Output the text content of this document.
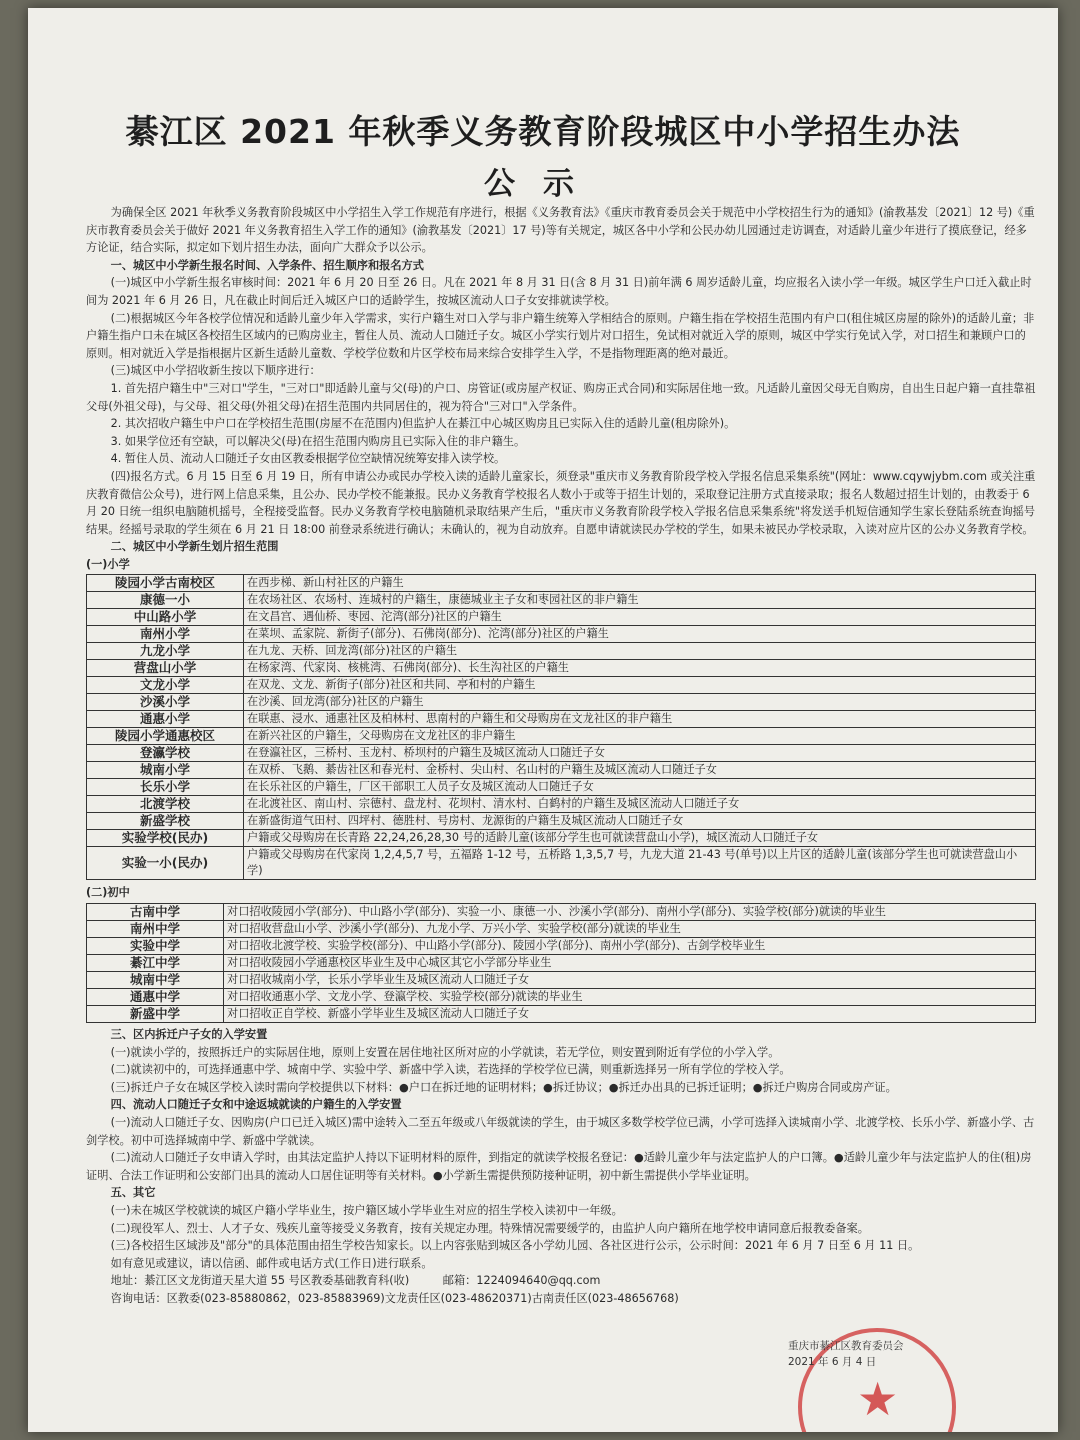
綦江区 2021 年秋季义务教育阶段城区中小学招生办法
公示

为确保全区 2021 年秋季义务教育阶段城区中小学招生入学工作规范有序进行，根据《义务教育法》《重庆市教育委员会关于规范中小学校招生行为的通知》(渝教基发〔2021〕12 号)《重庆市教育委员会关于做好 2021 年义务教育招生入学工作的通知》(渝教基发〔2021〕17 号)等有关规定，城区各中小学和公民办幼儿园通过走访调查，对适龄儿童少年进行了摸底登记，经多方论证，结合实际，拟定如下划片招生办法，面向广大群众予以公示。

一、城区中小学新生报名时间、入学条件、招生顺序和报名方式

(一)城区中小学新生报名审核时间：2021 年 6 月 20 日至 26 日。凡在 2021 年 8 月 31 日(含 8 月 31 日)前年满 6 周岁适龄儿童，均应报名入读小学一年级。城区学生户口迁入截止时间为 2021 年 6 月 26 日，凡在截止时间后迁入城区户口的适龄学生，按城区流动人口子女安排就读学校。

(二)根据城区今年各校学位情况和适龄儿童少年入学需求，实行户籍生对口入学与非户籍生统筹入学相结合的原则。户籍生指在学校招生范围内有户口(租住城区房屋的除外)的适龄儿童；非户籍生指户口未在城区各校招生区域内的已购房业主，暂住人员、流动人口随迁子女。城区小学实行划片对口招生，免试相对就近入学的原则，城区中学实行免试入学，对口招生和兼顾户口的原则。相对就近入学是指根据片区新生适龄儿童数、学校学位数和片区学校布局来综合安排学生入学，不是指物理距离的绝对最近。

(三)城区中小学招收新生按以下顺序进行：

1. 首先招户籍生中"三对口"学生，"三对口"即适龄儿童与父(母)的户口、房管证(或房屋产权证、购房正式合同)和实际居住地一致。凡适龄儿童因父母无自购房，自出生日起户籍一直挂靠祖父母(外祖父母)，与父母、祖父母(外祖父母)在招生范围内共同居住的，视为符合"三对口"入学条件。

2. 其次招收户籍生中户口在学校招生范围(房屋不在范围内)但监护人在綦江中心城区购房且已实际入住的适龄儿童(租房除外)。

3. 如果学位还有空缺，可以解决父(母)在招生范围内购房且已实际入住的非户籍生。

4. 暂住人员、流动人口随迁子女由区教委根据学位空缺情况统筹安排入读学校。

(四)报名方式。6 月 15 日至 6 月 19 日，所有申请公办或民办学校入读的适龄儿童家长，须登录"重庆市义务教育阶段学校入学报名信息采集系统"(网址：www.cqywjybm.com 或关注重庆教育微信公众号)，进行网上信息采集，且公办、民办学校不能兼报。民办义务教育学校报名人数小于或等于招生计划的，采取登记注册方式直接录取；报名人数超过招生计划的，由教委于 6 月 20 日统一组织电脑随机摇号，全程接受监督。民办义务教育学校电脑随机录取结果产生后，"重庆市义务教育阶段学校入学报名信息采集系统"将发送手机短信通知学生家长登陆系统查询摇号结果。经摇号录取的学生须在 6 月 21 日 18:00 前登录系统进行确认；未确认的，视为自动放弃。自愿申请就读民办学校的学生，如果未被民办学校录取，入读对应片区的公办义务教育学校。

二、城区中小学新生划片招生范围

(一)小学

陵园小学古南校区	在西步梯、新山村社区的户籍生
康德一小	在农场社区、农场村、连城村的户籍生，康德城业主子女和枣园社区的非户籍生
中山路小学	在文昌宫、遇仙桥、枣园、沱湾(部分)社区的户籍生
南州小学	在菜坝、孟家院、新街子(部分)、石佛岗(部分)、沱湾(部分)社区的户籍生
九龙小学	在九龙、天桥、回龙湾(部分)社区的户籍生
营盘山小学	在杨家湾、代家岗、核桃湾、石佛岗(部分)、长生沟社区的户籍生
文龙小学	在双龙、文龙、新街子(部分)社区和共同、亭和村的户籍生
沙溪小学	在沙溪、回龙湾(部分)社区的户籍生
通惠小学	在联惠、浸水、通惠社区及柏林村、思南村的户籍生和父母购房在文龙社区的非户籍生
陵园小学通惠校区	在新兴社区的户籍生，父母购房在文龙社区的非户籍生
登瀛学校	在登瀛社区，三桥村、玉龙村、桥坝村的户籍生及城区流动人口随迁子女
城南小学	在双桥、飞鹅、綦齿社区和春光村、金桥村、尖山村、名山村的户籍生及城区流动人口随迁子女
长乐小学	在长乐社区的户籍生，厂区干部职工人员子女及城区流动人口随迁子女
北渡学校	在北渡社区、南山村、宗德村、盘龙村、花坝村、清水村、白鹤村的户籍生及城区流动人口随迁子女
新盛学校	在新盛街道气田村、四坪村、德胜村、号房村、龙源街的户籍生及城区流动人口随迁子女
实验学校(民办)	户籍或父母购房在长青路 22,24,26,28,30 号的适龄儿童(该部分学生也可就读营盘山小学)，城区流动人口随迁子女
实验一小(民办)	户籍或父母购房在代家岗 1,2,4,5,7 号，五福路 1-12 号，五桥路 1,3,5,7 号，九龙大道 21-43 号(单号)以上片区的适龄儿童(该部分学生也可就读营盘山小学)

(二)初中

古南中学	对口招收陵园小学(部分)、中山路小学(部分)、实验一小、康德一小、沙溪小学(部分)、南州小学(部分)、实验学校(部分)就读的毕业生
南州中学	对口招收营盘山小学、沙溪小学(部分)、九龙小学、万兴小学、实验学校(部分)就读的毕业生
实验中学	对口招收北渡学校、实验学校(部分)、中山路小学(部分)、陵园小学(部分)、南州小学(部分)、古剑学校毕业生
綦江中学	对口招收陵园小学通惠校区毕业生及中心城区其它小学部分毕业生
城南中学	对口招收城南小学，长乐小学毕业生及城区流动人口随迁子女
通惠中学	对口招收通惠小学、文龙小学、登瀛学校、实验学校(部分)就读的毕业生
新盛中学	对口招收正自学校、新盛小学毕业生及城区流动人口随迁子女

三、区内拆迁户子女的入学安置

(一)就读小学的，按照拆迁户的实际居住地，原则上安置在居住地社区所对应的小学就读，若无学位，则安置到附近有学位的小学入学。

(二)就读初中的，可选择通惠中学、城南中学、实验中学、新盛中学入读，若选择的学校学位已满，则重新选择另一所有学位的学校入学。

(三)拆迁户子女在城区学校入读时需向学校提供以下材料：●户口在拆迁地的证明材料；●拆迁协议；●拆迁办出具的已拆迁证明；●拆迁户购房合同或房产证。

四、流动人口随迁子女和中途返城就读的户籍生的入学安置

(一)流动人口随迁子女、因购房(户口已迁入城区)需中途转入二至五年级或八年级就读的学生，由于城区多数学校学位已满，小学可选择入读城南小学、北渡学校、长乐小学、新盛小学、古剑学校。初中可选择城南中学、新盛中学就读。

(二)流动人口随迁子女申请入学时，由其法定监护人持以下证明材料的原件，到指定的就读学校报名登记：●适龄儿童少年与法定监护人的户口簿。●适龄儿童少年与法定监护人的住(租)房证明、合法工作证明和公安部门出具的流动人口居住证明等有关材料。●小学新生需提供预防接种证明，初中新生需提供小学毕业证明。

五、其它

(一)未在城区学校就读的城区户籍小学毕业生，按户籍区域小学毕业生对应的招生学校入读初中一年级。

(二)现役军人、烈士、人才子女、残疾儿童等接受义务教育，按有关规定办理。特殊情况需要缓学的，由监护人向户籍所在地学校申请同意后报教委备案。

(三)各校招生区域涉及"部分"的具体范围由招生学校告知家长。以上内容张贴到城区各小学幼儿园、各社区进行公示，公示时间：2021 年 6 月 7 日至 6 月 11 日。

如有意见或建议，请以信函、邮件或电话方式(工作日)进行联系。

地址：綦江区文龙街道天星大道 55 号区教委基础教育科(收)　　　邮箱：1224094640@qq.com

咨询电话：区教委(023-85880862，023-85883969)文龙责任区(023-48620371)古南责任区(023-48656768)

★
重庆市綦江区教育委员会
2021 年 6 月 4 日
